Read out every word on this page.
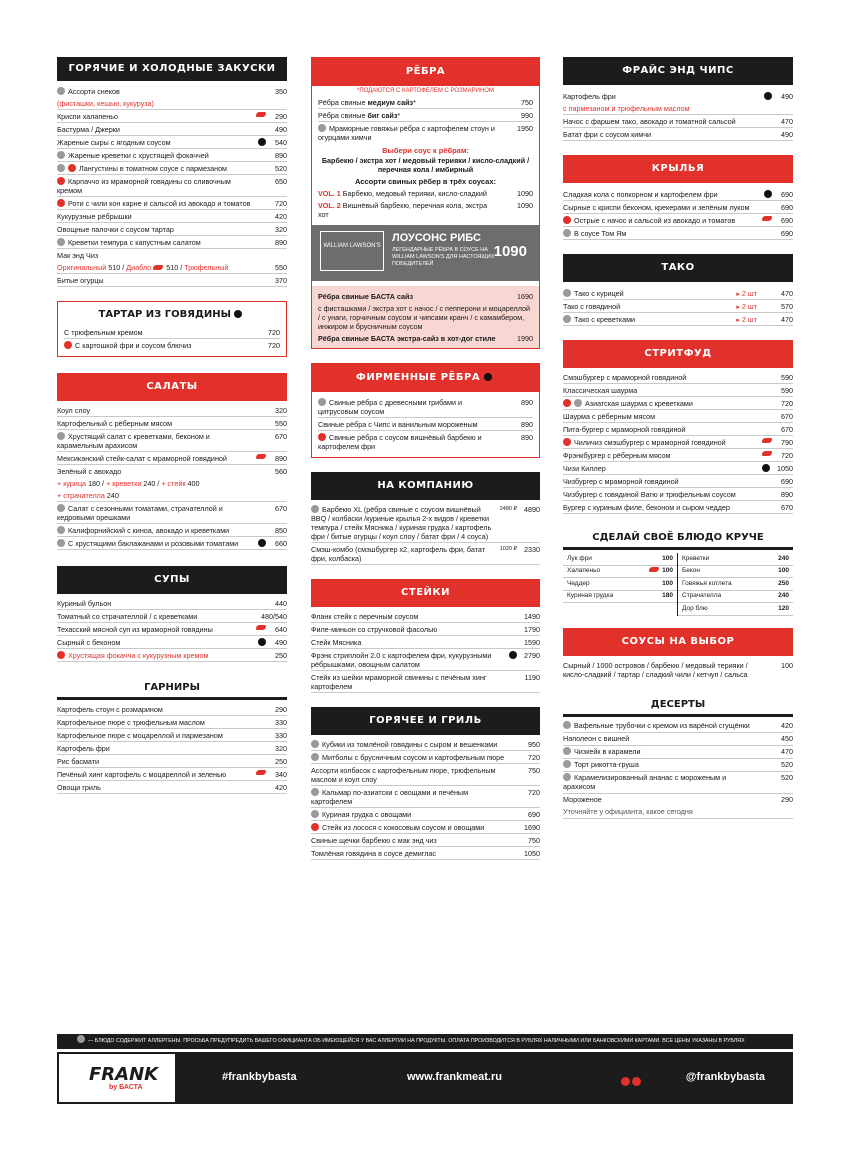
ГОРЯЧИЕ И ХОЛОДНЫЕ ЗАКУСКИ
Ассорти снеков	350
(фисташки, кешью, кукуруза)
Криспи халапеньо	290
Бастурма / Джерки	490
Жареные сыры с ягодным соусом	540
Жареные креветки с хрустящей фокаччей	890
Лангустины в томатном соусе с пармезаном	520
Карпаччо из мраморной говядины со сливочным кремом
650
Роти с чили кон карне и сальсой из авокадо и томатов	720
Кукурузные рёбрышки	420
Овощные палочки с соусом тартар	320
Креветки темпура с капустным салатом	890
Мак энд Чиз
Оригинальный 510 / Диабло 510 / Трюфельный	550
Битые огурцы	370
ТАРТАР ИЗ ГОВЯДИНЫ
С трюфельным кремом	720
С картошкой фри и соусом блючиз	720
САЛАТЫ
Коул слоу	320
Картофельный с рёберным мясом	550
Хрустящий салат с креветками, беконом и карамельным арахисом
670
Мексиканский стейк-салат с мраморной говядиной	890
Зелёный с авокадо	560
+ курица 180 / + креветки 240 / + стейк 400
+ страчателла 240
Салат с сезонными томатами, страчателлой и кедровыми орешками
670
Калифорнийский с киноа, авокадо и креветками	850
С хрустящими баклажанами и розовыми томатами	660
СУПЫ
Куриный бульон	440
Томатный со страчателлой / с креветками	480/540
Техасский мясной суп из мраморной говядины	640
Сырный с беконом	490
Хрустящая фокачча с кукурузным кремом	250
ГАРНИРЫ
Картофель стоун с розмарином	290
Картофельное пюре с трюфельным маслом	330
Картофельное пюре с моцареллой и пармезаном	330
Картофель фри	320
Рис басмати	250
Печёный хинг картофель с моцареллой и зеленью	340
Овощи гриль	420
РЁБРА
*ПОДАЮТСЯ С КАРТОФЕЛЕМ С РОЗМАРИНОМ
Рёбра свиные медиум сайз*	750
Рёбра свиные биг сайз*	990
Мраморные говяжьи рёбра с картофелем стоун и огурцами химчи
1950
Выбери соус к рёбрам:
Барбекю / экстра хот / медовый терияки / кисло-сладкий / перечная кола / имбирный
Ассорти свиных рёбер в трёх соусах:
VOL. 1 Барбекю, медовый терияки, кисло-сладкий	1090
VOL. 2 Вишнёвый барбекю, перечная кола, экстра хот
1090
WILLIAM LAWSON'S
ЛОУСОНС РИБС
ЛЕГЕНДАРНЫЕ РЁБРА В СОУСЕ НА WILLIAM LAWSON'S ДЛЯ НАСТОЯЩИХ ПОБЕДИТЕЛЕЙ
1090
Рёбра свиные БАСТА сайз	1690
с фисташками / экстра хот с начос / с пепперони и моцареллой / с унаги, горчичным соусом и чипсами кранч / с камамбером, инжиром и брусничным соусом
Рёбра свиные БАСТА экстра-сайз в хот-дог стиле	1990
ФИРМЕННЫЕ РЁБРА
Свиные рёбра с древесными грибами и цитрусовым соусом
890
Свиные рёбра с Чипс и ванильным мороженым	890
Свиные рёбра с соусом вишнёвый барбекю и картофелем фри
890
НА КОМПАНИЮ
Барбекю XL (рёбра свиные с соусом вишнёвый BBQ / колбаски /куриные крылья 2-х видов / креветки темпура / стейк Мясника / куриная грудка / картофель фри / битые огурцы / коул слоу / батат фри / 4 соуса)
2480 ₽ 4890
Смэш-комбо (смэшбургер х2, картофель фри, батат фри, колбаска)
1020 ₽ 2330
СТЕЙКИ
Фланк стейк с перечным соусом	1490
Филе-миньон со стручковой фасолью	1790
Стейк Мясника	1590
Фрэнк стриплойн 2.0 с картофелем фри, кукурузными рёбрышками, овощным салатом
2790
Стейк из шейки мраморной свинины с печёным хинг картофелем
1190
ГОРЯЧЕЕ И ГРИЛЬ
Кубики из томлёной говядины с сыром и вешенками	950
Митболы с брусничным соусом и картофельным пюре	720
Ассорти колбасок с картофельным пюре, трюфельным маслом и коул слоу
750
Кальмар по-азиатски с овощами и печёным картофелем
720
Куриная грудка с овощами	690
Стейк из лосося с кокосовым соусом и овощами	1690
Свиные щечки барбекю с мак энд чиз	750
Томлёная говядина в соусе демиглас	1050
ФРАЙС ЭНД ЧИПС
Картофель фри	490
с пармезаном и трюфельным маслом
Начос с фаршем тако, авокадо и томатной сальсой	470
Батат фри с соусом кимчи	490
КРЫЛЬЯ
Сладкая кола с попкорном и картофелем фри	690
Сырные с криспи беконом, крекерами и зелёным луком	690
Острые с начос и сальсой из авокадо и томатов	690
В соусе Том Ям	690
ТАКО
Тако с курицей	▸ 2 шт	470
Тако с говядиной	▸ 2 шт	570
Тако с креветками	▸ 2 шт	470
СТРИТФУД
Смэшбургер с мраморной говядиной	590
Классическая шаурма	590
Азиатская шаурма с креветками	720
Шаурма с рёберным мясом	670
Пита-бургер с мраморной говядиной	670
Чиличиз смэшбургер с мраморной говядиной	790
Фрэнкбургер с рёберным мясом	720
Чизи Киллер	1050
Чизбургер с мраморной говядиной	690
Чизбургер с говядиной Вагю и трюфельным соусом	890
Бургер с куриным филе, беконом и сыром чеддер	670
СДЕЛАЙ СВОЁ БЛЮДО КРУЧЕ
Лук фри	100
Халапеньо	100
Чеддер	100
Куриная грудка	180
Креветки	240
Бекон	100
Говяжья котлета	250
Страчателла	240
Дор блю	120
СОУСЫ НА ВЫБОР
Сырный / 1000 островов / барбекю / медовый терияки / кисло-сладкий / тартар / сладкий чили / кетчуп / сальса
100
ДЕСЕРТЫ
Вафельные трубочки с кремом из варёной сгущёнки	420
Наполеон с вишней	450
Чизкейк в карамели	470
Торт рикотта-груша	520
Карамелизированный ананас с мороженым и арахисом
520
Мороженое	290
Уточняйте у официанта, какое сегодня
— БЛЮДО СОДЕРЖИТ АЛЛЕРГЕНЫ. ПРОСЬБА ПРЕДУПРЕДИТЬ ВАШЕГО ОФИЦИАНТА ОБ ИМЕЮЩЕЙСЯ У ВАС АЛЛЕРГИИ НА ПРОДУКТЫ. ОПЛАТА ПРОИЗВОДИТСЯ В РУБЛЯХ НАЛИЧНЫМИ ИЛИ БАНКОВСКИМИ КАРТАМИ. ВСЕ ЦЕНЫ УКАЗАНЫ В РУБЛЯХ
FRANK
by БАСТА
#frankbybasta	www.frankmeat.ru	@frankbybasta
